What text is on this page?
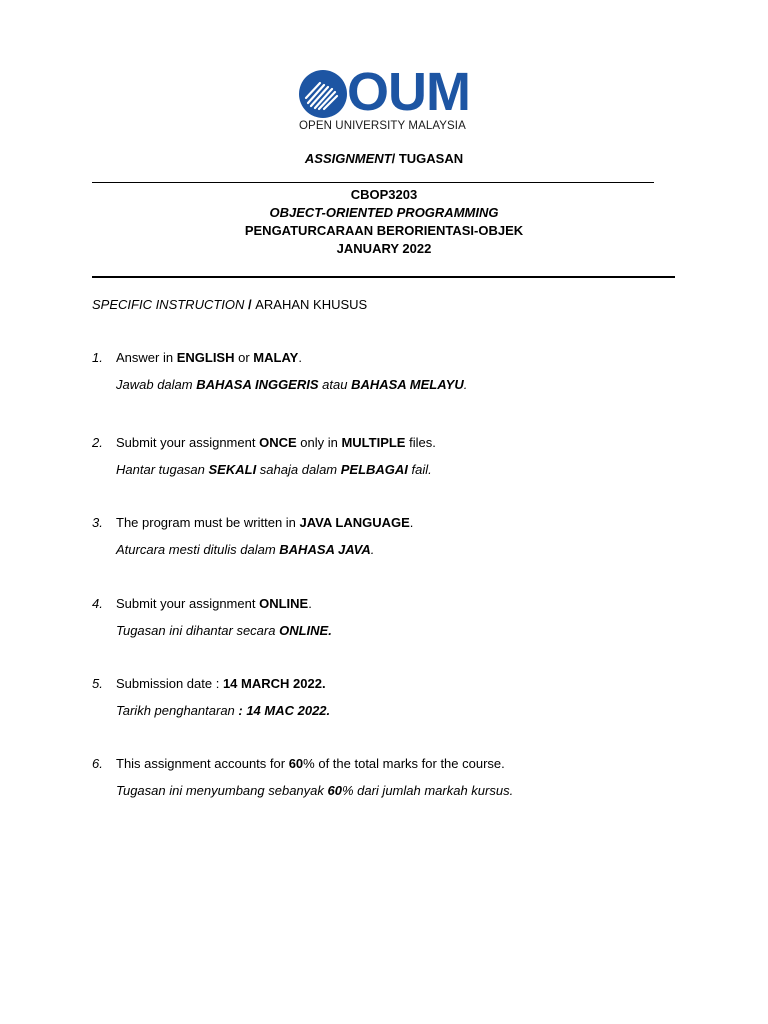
OUM
OPEN UNIVERSITY MALAYSIA
ASSIGNMENT/ TUGASAN
CBOP3203
OBJECT-ORIENTED PROGRAMMING
PENGATURCARAAN BERORIENTASI-OBJEK
JANUARY 2022
SPECIFIC INSTRUCTION / ARAHAN KHUSUS
1. Answer in ENGLISH or MALAY.
Jawab dalam BAHASA INGGERIS atau BAHASA MELAYU.
2. Submit your assignment ONCE only in MULTIPLE files.
Hantar tugasan SEKALI sahaja dalam PELBAGAI fail.
3. The program must be written in JAVA LANGUAGE.
Aturcara mesti ditulis dalam BAHASA JAVA.
4. Submit your assignment ONLINE.
Tugasan ini dihantar secara ONLINE.
5. Submission date : 14 MARCH 2022.
Tarikh penghantaran : 14 MAC 2022.
6. This assignment accounts for 60% of the total marks for the course.
Tugasan ini menyumbang sebanyak 60% dari jumlah markah kursus.
